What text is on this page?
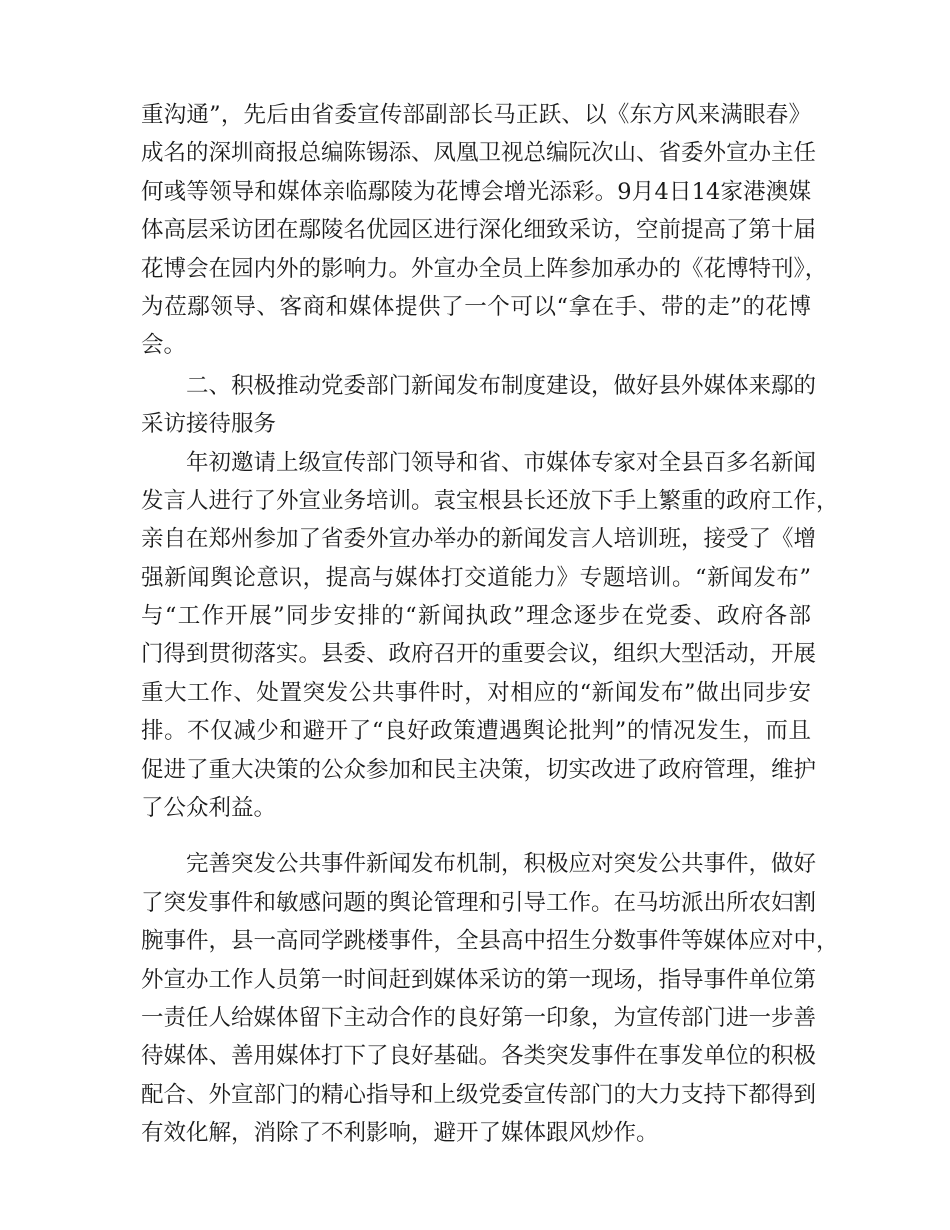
重沟通”，先后由省委宣传部副部长马正跃、以《东方风来满眼春》
成名的深圳商报总编陈锡添、凤凰卫视总编阮次山、省委外宣办主任
何彧等领导和媒体亲临鄢陵为花博会增光添彩。9月4日14家港澳媒
体高层采访团在鄢陵名优园区进行深化细致采访，空前提高了第十届
花博会在园内外的影响力。外宣办全员上阵参加承办的《花博特刊》，
为莅鄢领导、客商和媒体提供了一个可以“拿在手、带的走”的花博
会。
二、积极推动党委部门新闻发布制度建设，做好县外媒体来鄢的
采访接待服务
年初邀请上级宣传部门领导和省、市媒体专家对全县百多名新闻
发言人进行了外宣业务培训。袁宝根县长还放下手上繁重的政府工作，
亲自在郑州参加了省委外宣办举办的新闻发言人培训班，接受了《增
强新闻舆论意识，提高与媒体打交道能力》专题培训。“新闻发布”
与“工作开展”同步安排的“新闻执政”理念逐步在党委、政府各部
门得到贯彻落实。县委、政府召开的重要会议，组织大型活动，开展
重大工作、处置突发公共事件时，对相应的“新闻发布”做出同步安
排。不仅减少和避开了“良好政策遭遇舆论批判”的情况发生，而且
促进了重大决策的公众参加和民主决策，切实改进了政府管理，维护
了公众利益。
完善突发公共事件新闻发布机制，积极应对突发公共事件，做好
了突发事件和敏感问题的舆论管理和引导工作。在马坊派出所农妇割
腕事件，县一高同学跳楼事件，全县高中招生分数事件等媒体应对中，
外宣办工作人员第一时间赶到媒体采访的第一现场，指导事件单位第
一责任人给媒体留下主动合作的良好第一印象，为宣传部门进一步善
待媒体、善用媒体打下了良好基础。各类突发事件在事发单位的积极
配合、外宣部门的精心指导和上级党委宣传部门的大力支持下都得到
有效化解，消除了不利影响，避开了媒体跟风炒作。
